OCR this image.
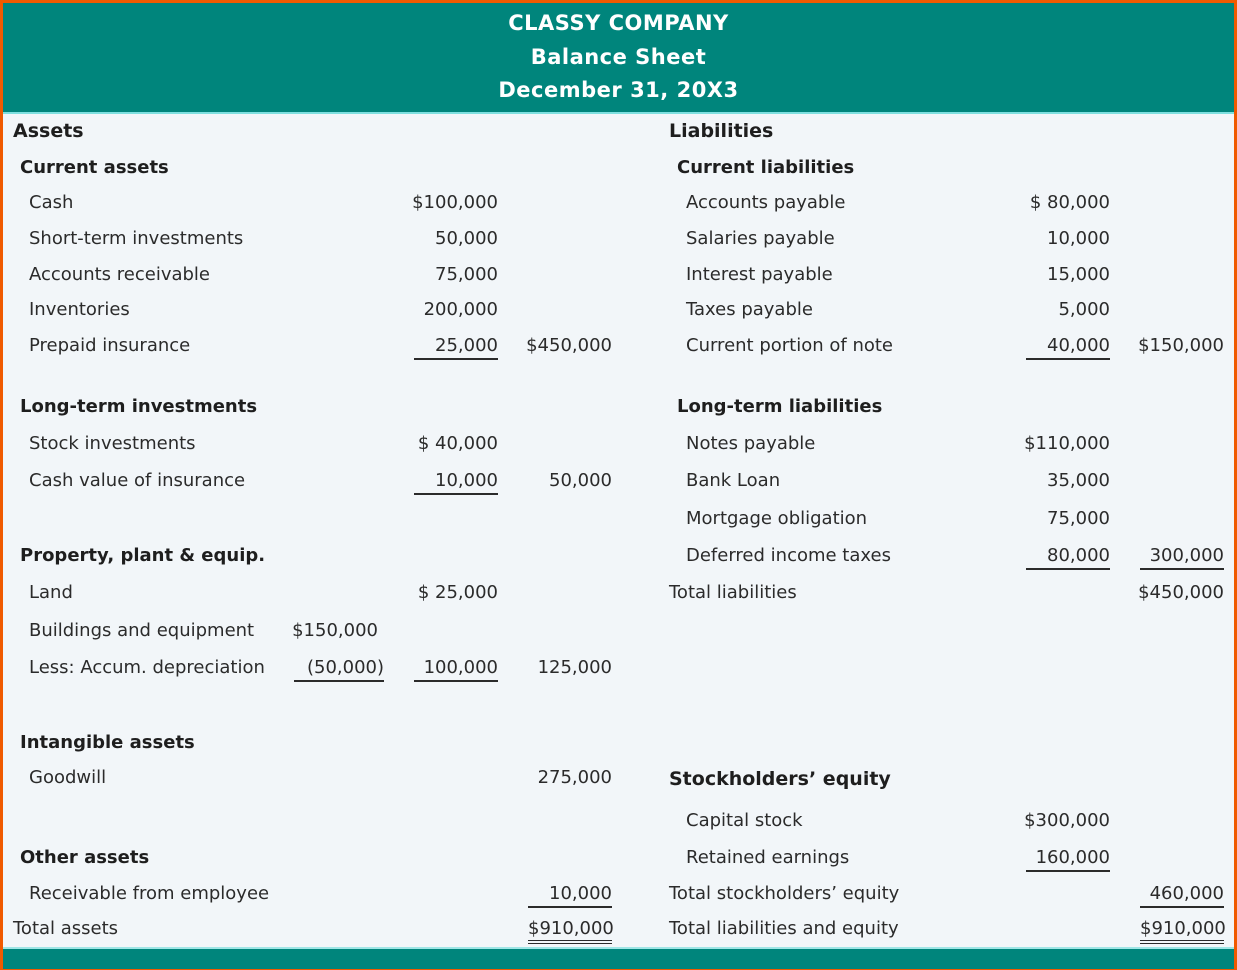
CLASSY COMPANY
Balance Sheet
December 31, 20X3
Assets
Current assets
Cash	$100,000
Short-term investments	50,000
Accounts receivable	75,000
Inventories	200,000
Prepaid insurance	25,000 $450,000
Long-term investments
Stock investments	$ 40,000
Cash value of insurance	10,000	50,000
Property, plant & equip.
Land	$ 25,000
Buildings and equipment $150,000
Less: Accum. depreciation	(50,000)	100,000 125,000
Intangible assets
Goodwill	275,000
Other assets
Receivable from employee	10,000
Total assets	$910,000
Liabilities
Current liabilities
Accounts payable	$ 80,000
Salaries payable	10,000
Interest payable	15,000
Taxes payable	5,000
Current portion of note	40,000 $150,000
Long-term liabilities
Notes payable	$110,000
Bank Loan	35,000
Mortgage obligation	75,000
Deferred income taxes	80,000	300,000
Total liabilities	$450,000
Stockholders’ equity
Capital stock	$300,000
Retained earnings	160,000
Total stockholders’ equity	460,000
Total liabilities and equity	$910,000
